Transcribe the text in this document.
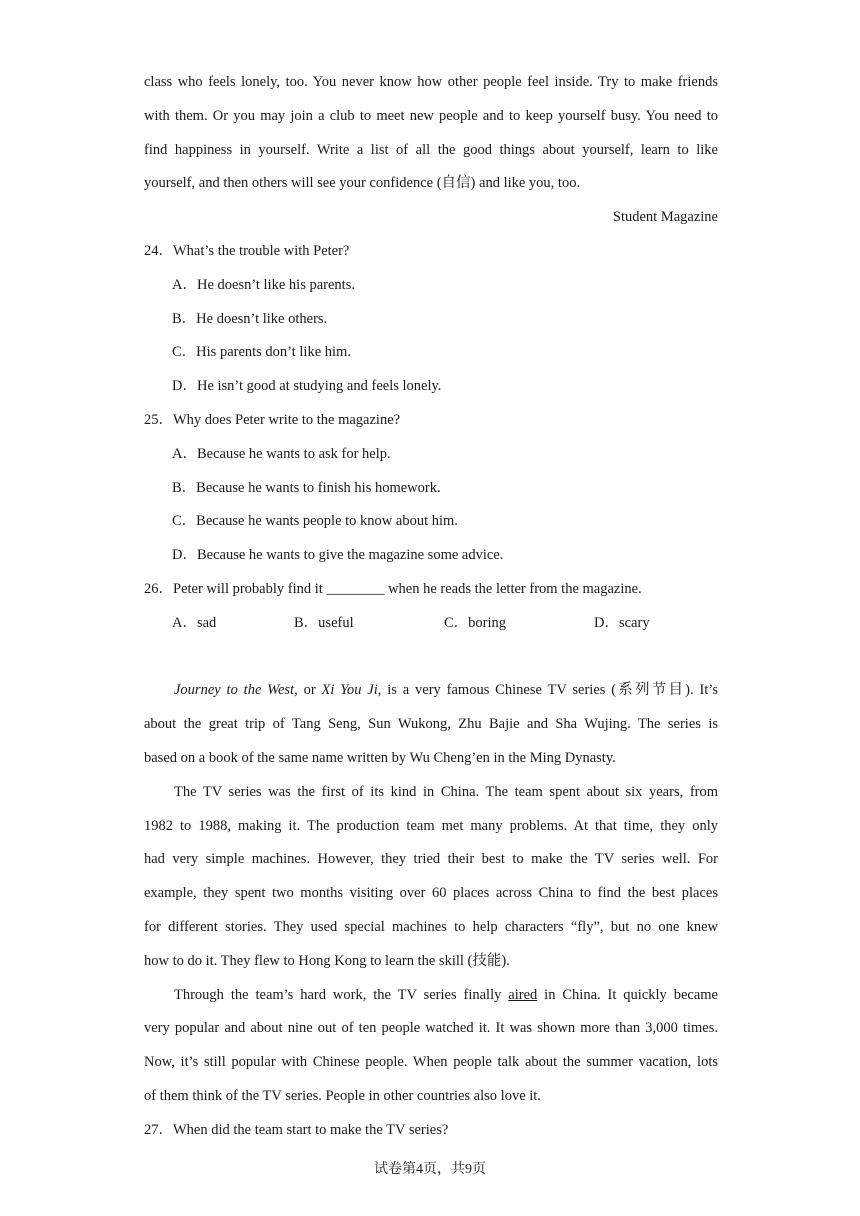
class who feels lonely, too. You never know how other people feel inside. Try to make friends
with them. Or you may join a club to meet new people and to keep yourself busy. You need to
find happiness in yourself. Write a list of all the good things about yourself, learn to like
yourself, and then others will see your confidence (自信) and like you, too.
Student Magazine
24．What’s the trouble with Peter?
A．He doesn’t like his parents.
B．He doesn’t like others.
C．His parents don’t like him.
D．He isn’t good at studying and feels lonely.
25．Why does Peter write to the magazine?
A．Because he wants to ask for help.
B．Because he wants to finish his homework.
C．Because he wants people to know about him.
D．Because he wants to give the magazine some advice.
26．Peter will probably find it ________ when he reads the letter from the magazine.
A．sad	B．useful	C．boring	D．scary
Journey to the West, or Xi You Ji, is a very famous Chinese TV series (系列节目). It’s
about the great trip of Tang Seng, Sun Wukong, Zhu Bajie and Sha Wujing. The series is
based on a book of the same name written by Wu Cheng’en in the Ming Dynasty.
The TV series was the first of its kind in China. The team spent about six years, from
1982 to 1988, making it. The production team met many problems. At that time, they only
had very simple machines. However, they tried their best to make the TV series well. For
example, they spent two months visiting over 60 places across China to find the best places
for different stories. They used special machines to help characters “fly”, but no one knew
how to do it. They flew to Hong Kong to learn the skill (技能).
Through the team’s hard work, the TV series finally aired in China. It quickly became
very popular and about nine out of ten people watched it. It was shown more than 3,000 times.
Now, it’s still popular with Chinese people. When people talk about the summer vacation, lots
of them think of the TV series. People in other countries also love it.
27．When did the team start to make the TV series?
试卷第4页，共9页
